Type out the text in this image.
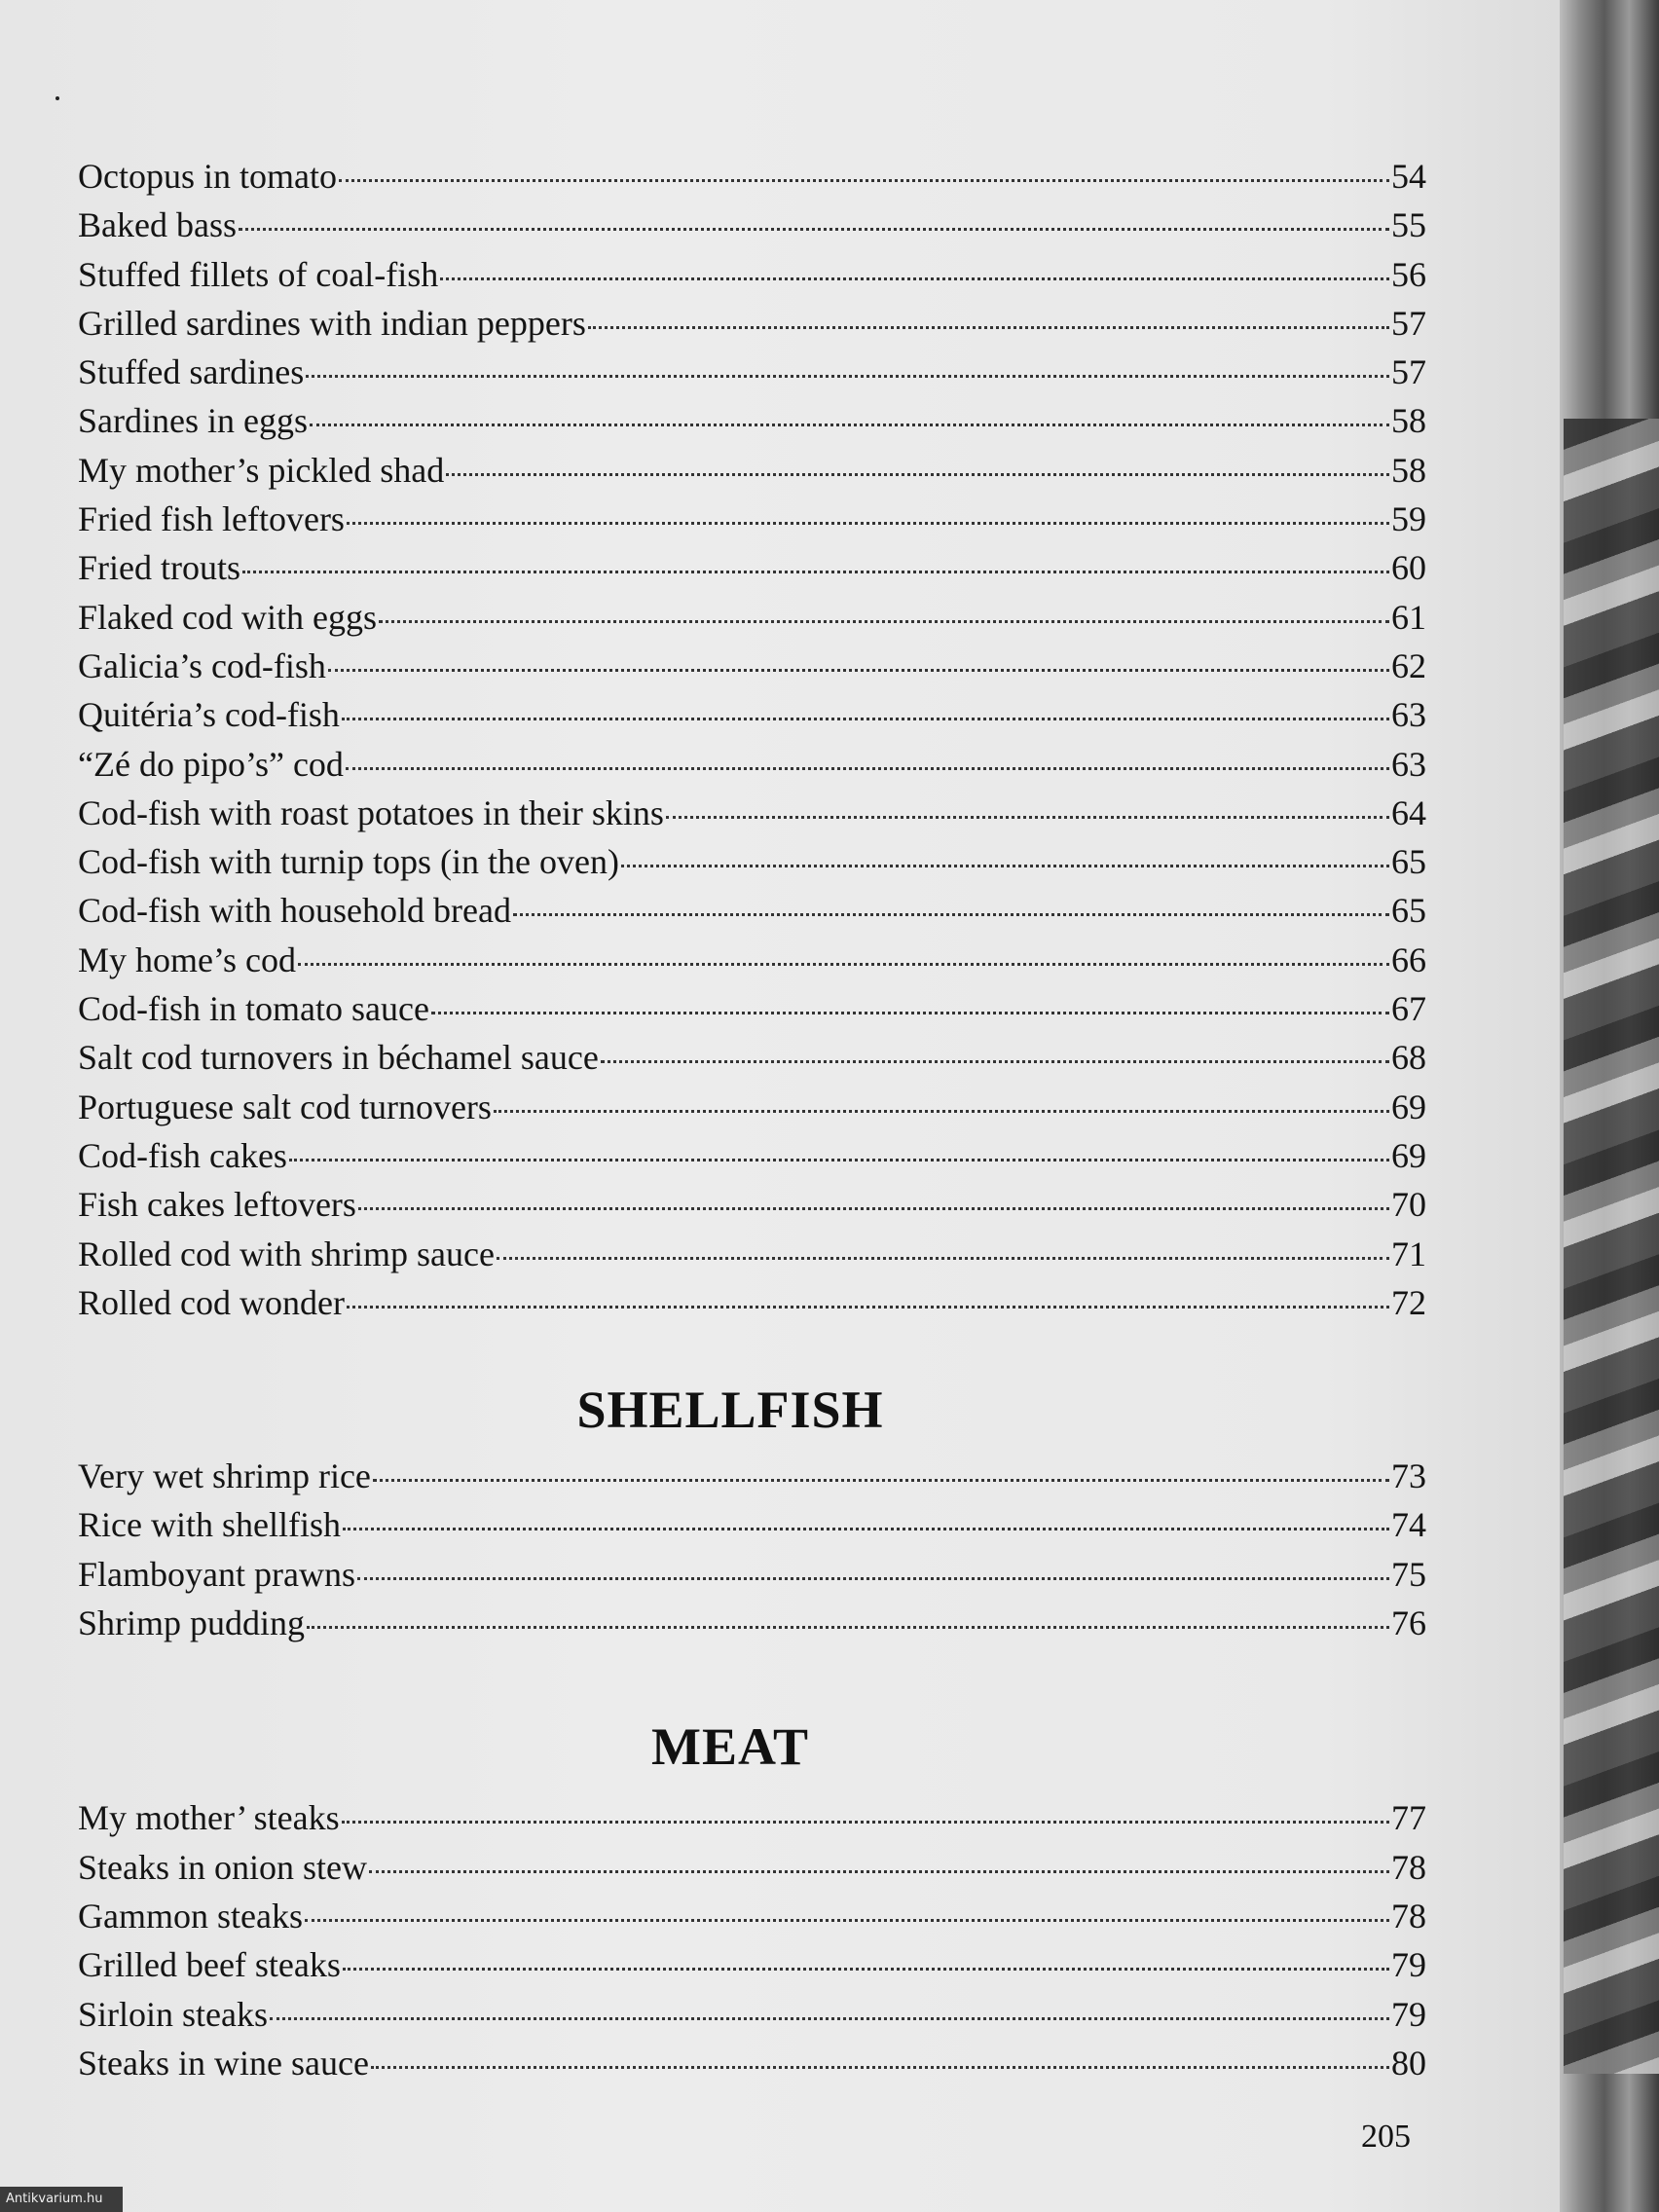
Octopus in tomato	54
Baked bass	55
Stuffed fillets of coal-fish	56
Grilled sardines with indian peppers	57
Stuffed sardines	57
Sardines in eggs	58
My mother’s pickled shad	58
Fried fish leftovers	59
Fried trouts	60
Flaked cod with eggs	61
Galicia’s cod-fish	62
Quitéria’s cod-fish	63
“Zé do pipo’s” cod	63
Cod-fish with roast potatoes in their skins	64
Cod-fish with turnip tops (in the oven)	65
Cod-fish with household bread	65
My home’s cod	66
Cod-fish in tomato sauce	67
Salt cod turnovers in béchamel sauce	68
Portuguese salt cod turnovers	69
Cod-fish cakes	69
Fish cakes leftovers	70
Rolled cod with shrimp sauce	71
Rolled cod wonder	72
SHELLFISH
Very wet shrimp rice	73
Rice with shellfish	74
Flamboyant prawns	75
Shrimp pudding	76
MEAT
My mother’ steaks	77
Steaks in onion stew	78
Gammon steaks	78
Grilled beef steaks	79
Sirloin steaks	79
Steaks in wine sauce	80
205
Antikvarium.hu
